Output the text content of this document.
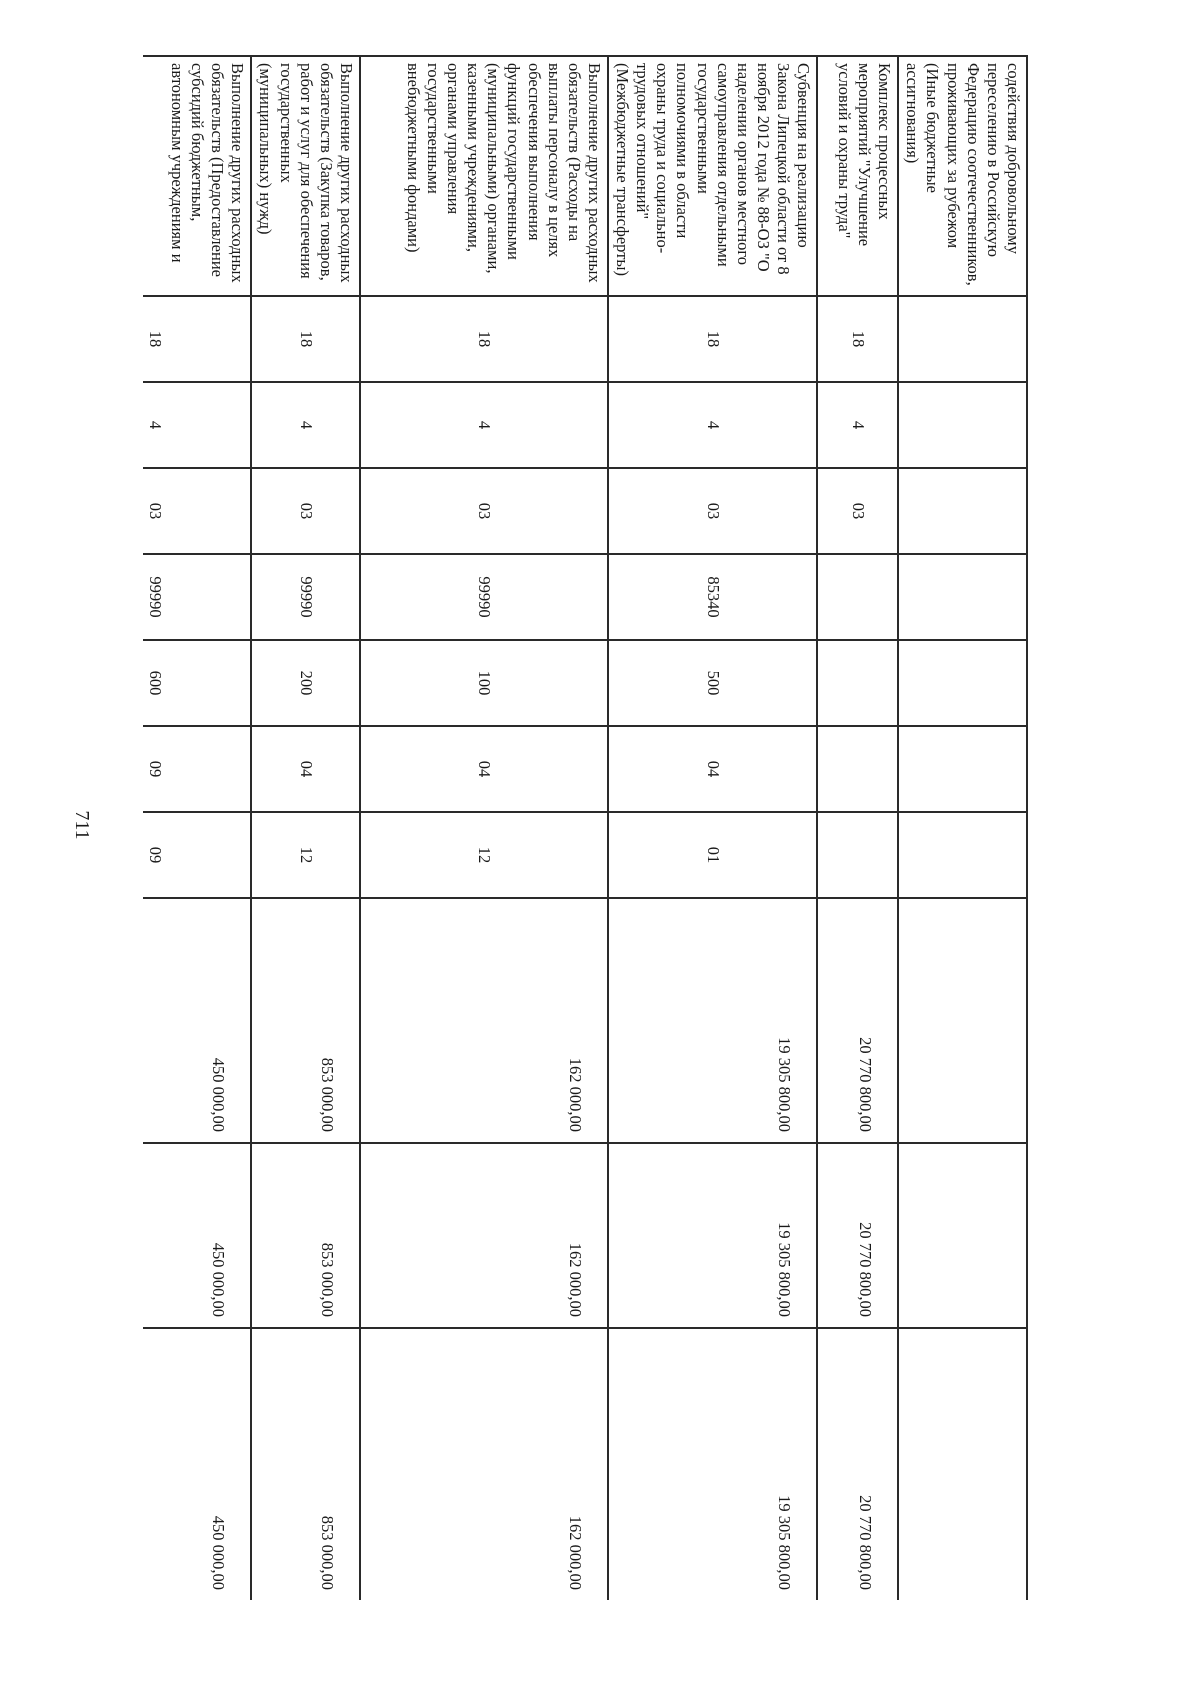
711
содействия добровольному переселению в Российскую Федерацию соотечественников, проживающих за рубежом (Иные бюджетные ассигнования)										
Комплекс процессных мероприятий "Улучшение условий и охраны труда"	18	4	03					20 770 800,00	20 770 800,00	20 770 800,00
Субвенция на реализацию Закона Липецкой области от 8 ноября 2012 года № 88-ОЗ "О наделении органов местного самоуправления отдельными государственными полномочиями в области охраны труда и социально-трудовых отношений" (Межбюджетные трансферты)	18	4	03	85340	500	04	01	19 305 800,00	19 305 800,00	19 305 800,00
Выполнение других расходных обязательств (Расходы на выплаты персоналу в целях обеспечения выполнения функций государственными (муниципальными) органами, казенными учреждениями, органами управления государственными внебюджетными фондами)	18	4	03	99990	100	04	12	162 000,00	162 000,00	162 000,00
Выполнение других расходных обязательств (Закупка товаров, работ и услуг для обеспечения государственных (муниципальных) нужд)	18	4	03	99990	200	04	12	853 000,00	853 000,00	853 000,00
Выполнение других расходных обязательств (Предоставление субсидий бюджетным, автономным учреждениям и	18	4	03	99990	600	09	09	450 000,00	450 000,00	450 000,00
